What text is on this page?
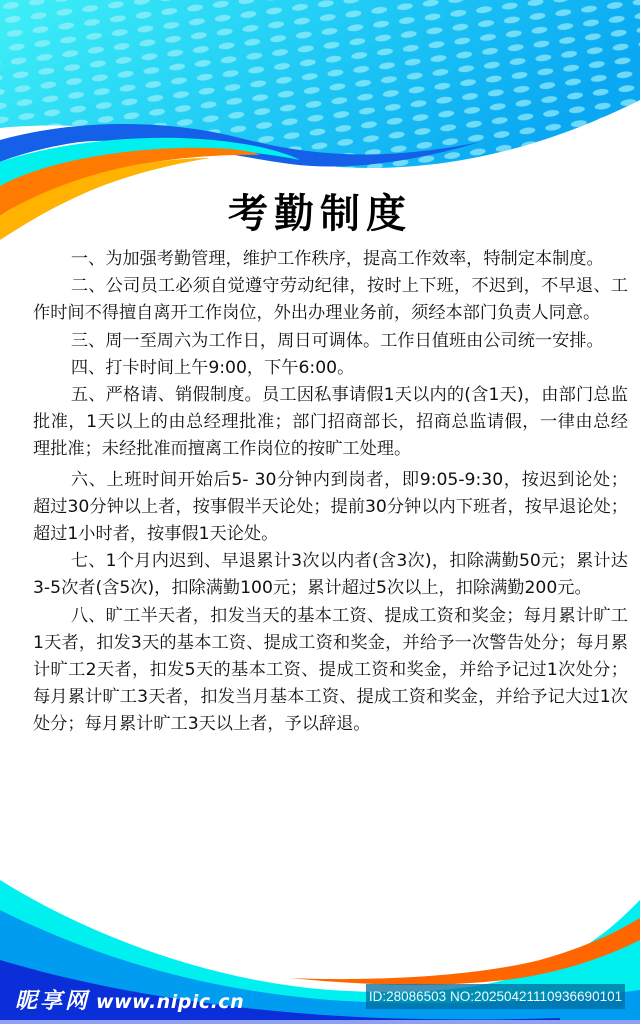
考勤制度

一、为加强考勤管理，维护工作秩序，提高工作效率，特制定本制度。

二、公司员工必须自觉遵守劳动纪律，按时上下班，不迟到，不早退、工作时间不得擅自离开工作岗位，外出办理业务前，须经本部门负责人同意。

三、周一至周六为工作日，周日可调体。工作日值班由公司统一安排。

四、打卡时间上午9:00，下午6:00。

五、严格请、销假制度。员工因私事请假1天以内的(含1天)，由部门总监批准，1天以上的由总经理批准；部门招商部长，招商总监请假，一律由总经理批准；未经批准而擅离工作岗位的按旷工处理。

六、上班时间开始后5- 30分钟内到岗者，即9:05-9:30，按迟到论处；超过30分钟以上者，按事假半天论处；提前30分钟以内下班者，按早退论处；超过1小时者，按事假1天论处。

七、1个月内迟到、早退累计3次以内者(含3次)，扣除满勤50元；累计达3-5次者(含5次)，扣除满勤100元；累计超过5次以上，扣除满勤200元。

八、旷工半天者，扣发当天的基本工资、提成工资和奖金；每月累计旷工1天者，扣发3天的基本工资、提成工资和奖金，并给予一次警告处分；每月累计旷工2天者，扣发5天的基本工资、提成工资和奖金，并给予记过1次处分；每月累计旷工3天者，扣发当月基本工资、提成工资和奖金，并给予记大过1次处分；每月累计旷工3天以上者，予以辞退。

昵享网 www.nipic.cn	ID:28086503 NO:20250421110936690101
